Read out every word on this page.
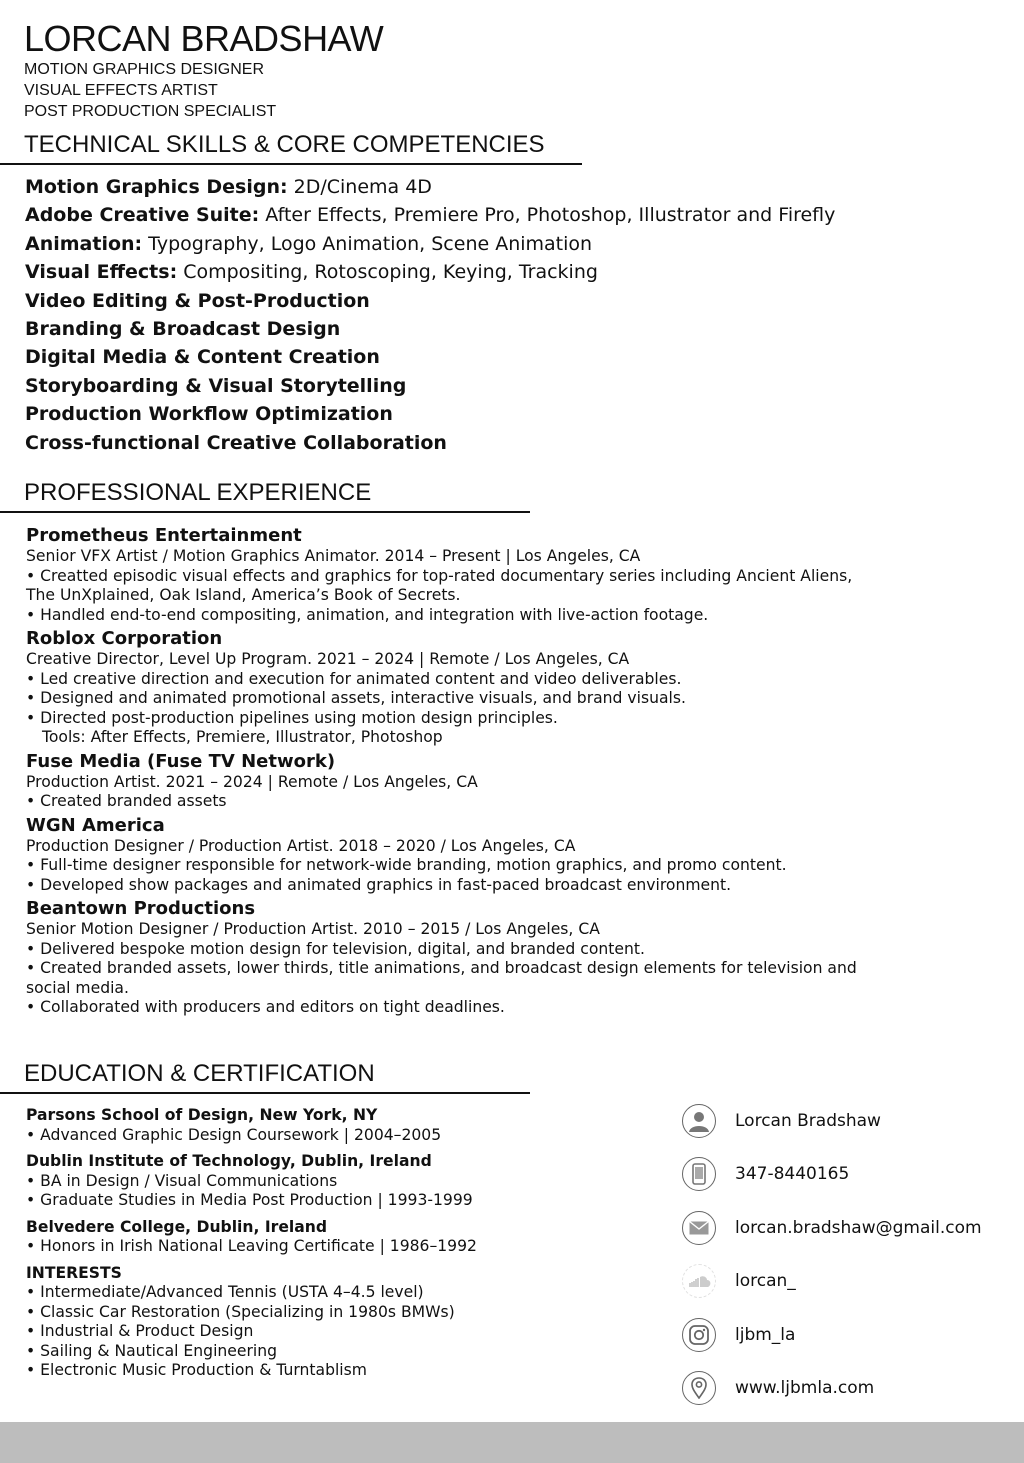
LORCAN BRADSHAW
MOTION GRAPHICS DESIGNER
VISUAL EFFECTS ARTIST
POST PRODUCTION SPECIALIST
TECHNICAL SKILLS & CORE COMPETENCIES
Motion Graphics Design: 2D/Cinema 4D
Adobe Creative Suite: After Effects, Premiere Pro, Photoshop, Illustrator and Firefly
Animation: Typography, Logo Animation, Scene Animation
Visual Effects: Compositing, Rotoscoping, Keying, Tracking
Video Editing & Post-Production
Branding & Broadcast Design
Digital Media & Content Creation
Storyboarding & Visual Storytelling
Production Workflow Optimization
Cross-functional Creative Collaboration
PROFESSIONAL EXPERIENCE
Prometheus Entertainment
Senior VFX Artist / Motion Graphics Animator. 2014 – Present | Los Angeles, CA
• Creatted episodic visual effects and graphics for top-rated documentary series including Ancient Aliens,
The UnXplained, Oak Island, America’s Book of Secrets.
• Handled end-to-end compositing, animation, and integration with live-action footage.
Roblox Corporation
Creative Director, Level Up Program. 2021 – 2024 | Remote / Los Angeles, CA
• Led creative direction and execution for animated content and video deliverables.
• Designed and animated promotional assets, interactive visuals, and brand visuals.
• Directed post-production pipelines using motion design principles.
Tools: After Effects, Premiere, Illustrator, Photoshop
Fuse Media (Fuse TV Network)
Production Artist. 2021 – 2024 | Remote / Los Angeles, CA
• Created branded assets
WGN America
Production Designer / Production Artist. 2018 – 2020 / Los Angeles, CA
• Full-time designer responsible for network-wide branding, motion graphics, and promo content.
• Developed show packages and animated graphics in fast-paced broadcast environment.
Beantown Productions
Senior Motion Designer / Production Artist. 2010 – 2015 / Los Angeles, CA
• Delivered bespoke motion design for television, digital, and branded content.
• Created branded assets, lower thirds, title animations, and broadcast design elements for television and
social media.
• Collaborated with producers and editors on tight deadlines.
EDUCATION & CERTIFICATION
Parsons School of Design, New York, NY
• Advanced Graphic Design Coursework | 2004–2005
Dublin Institute of Technology, Dublin, Ireland
• BA in Design / Visual Communications
• Graduate Studies in Media Post Production | 1993-1999
Belvedere College, Dublin, Ireland
• Honors in Irish National Leaving Certificate | 1986–1992
INTERESTS
• Intermediate/Advanced Tennis (USTA 4–4.5 level)
• Classic Car Restoration (Specializing in 1980s BMWs)
• Industrial & Product Design
• Sailing & Nautical Engineering
• Electronic Music Production & Turntablism
Lorcan Bradshaw
347-8440165
lorcan.bradshaw@gmail.com
lorcan_
ljbm_la
www.ljbmla.com
